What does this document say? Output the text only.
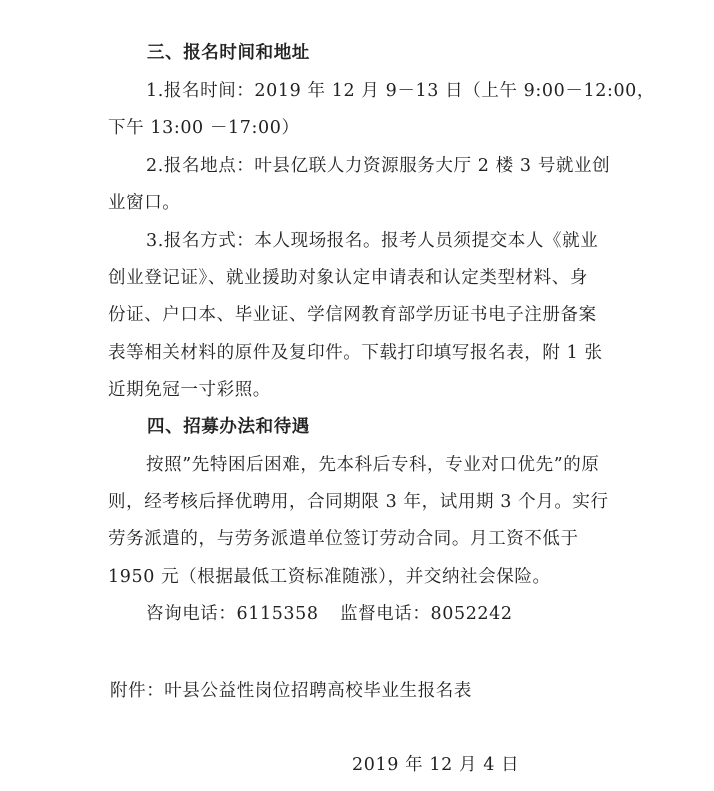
三、报名时间和地址
1.报名时间：2019 年 12 月 9－13 日（上午 9:00－12:00，
下午 13:00 －17:00）
2.报名地点：叶县亿联人力资源服务大厅 2 楼 3 号就业创
业窗口。
3.报名方式：本人现场报名。报考人员须提交本人《就业
创业登记证》、就业援助对象认定申请表和认定类型材料、身
份证、户口本、毕业证、学信网教育部学历证书电子注册备案
表等相关材料的原件及复印件。下载打印填写报名表，附 1 张
近期免冠一寸彩照。
四、招募办法和待遇
按照”先特困后困难，先本科后专科，专业对口优先”的原
则，经考核后择优聘用，合同期限 3 年，试用期 3 个月。实行
劳务派遣的，与劳务派遣单位签订劳动合同。月工资不低于
1950 元（根据最低工资标准随涨），并交纳社会保险。
咨询电话：6115358 监督电话：8052242
附件：叶县公益性岗位招聘高校毕业生报名表
2019 年 12 月 4 日
